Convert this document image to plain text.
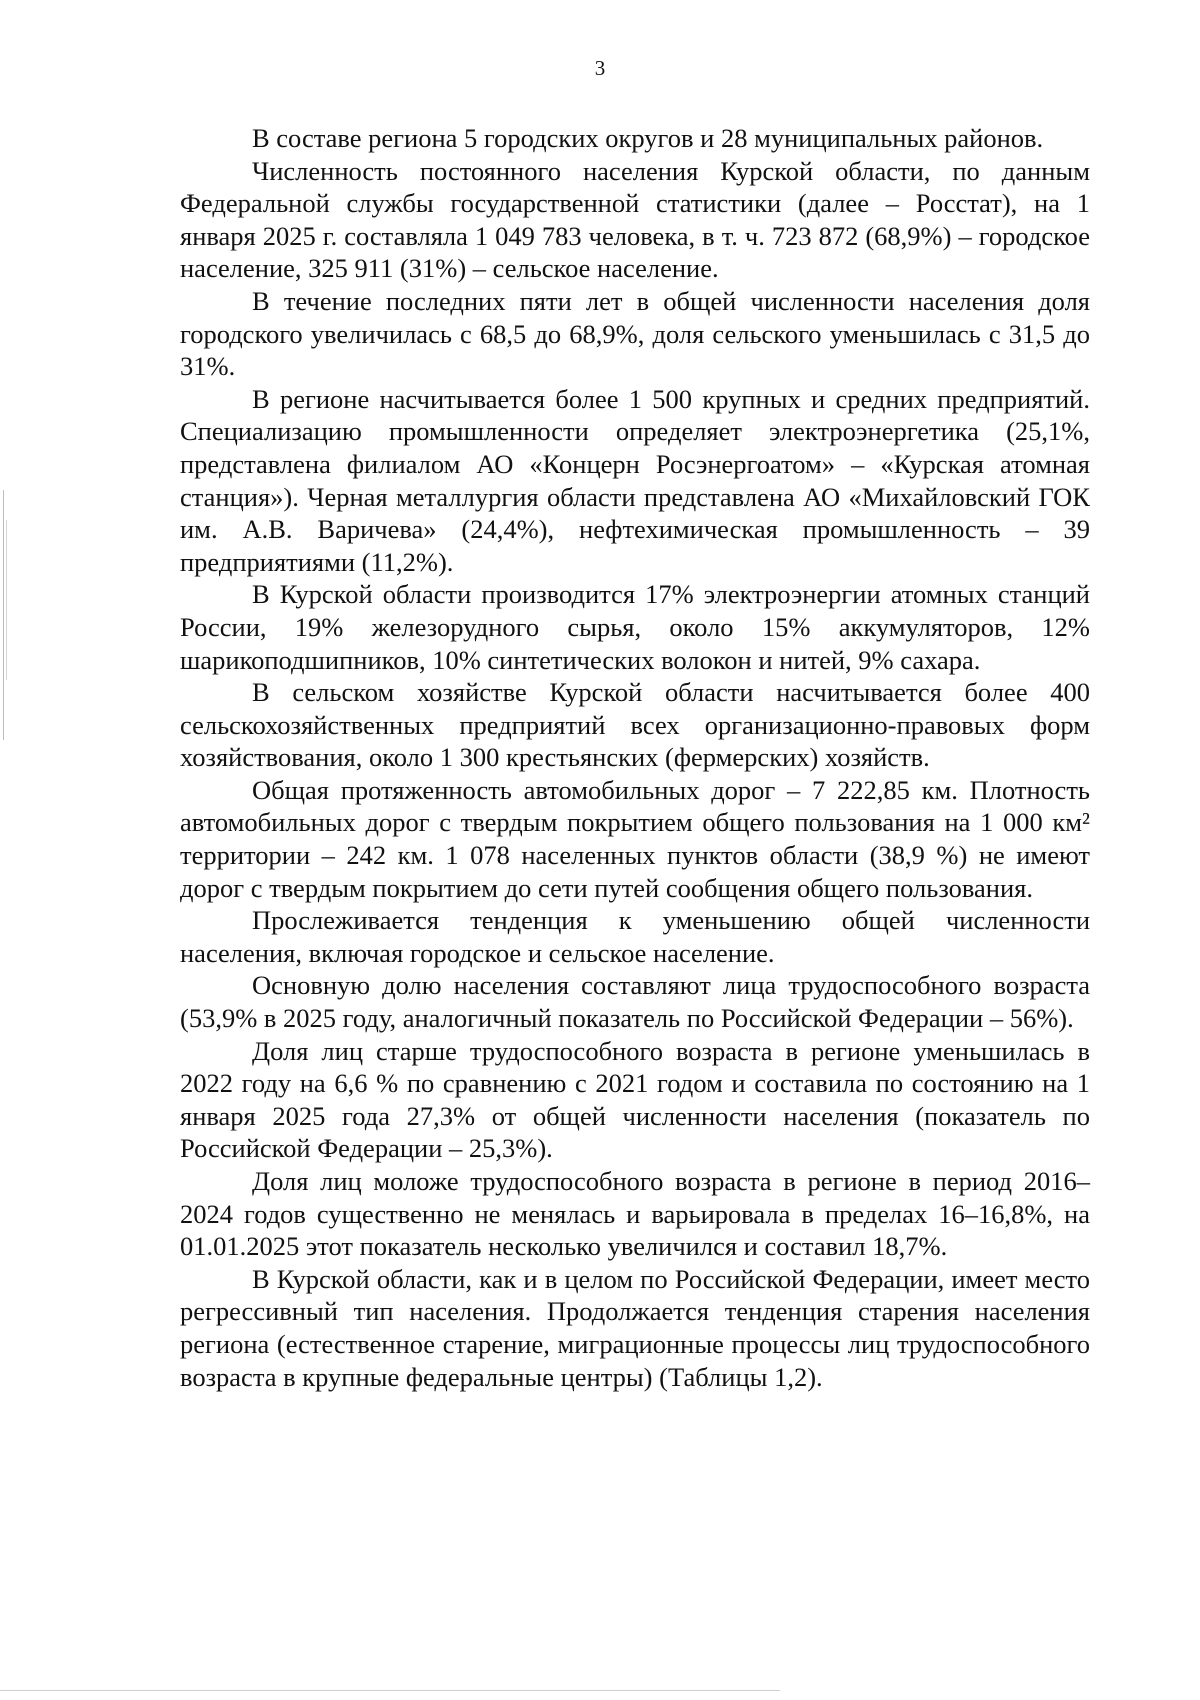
3

В составе региона 5 городских округов и 28 муниципальных районов.

Численность постоянного населения Курской области, по данным Федеральной службы государственной статистики (далее – Росстат), на 1 января 2025 г. составляла 1 049 783 человека, в т. ч. 723 872 (68,9%) – городское население, 325 911 (31%) – сельское население.

В течение последних пяти лет в общей численности населения доля городского увеличилась с 68,5 до 68,9%, доля сельского уменьшилась с 31,5 до 31%.

В регионе насчитывается более 1 500 крупных и средних предприятий. Специализацию промышленности определяет электроэнергетика (25,1%, представлена филиалом АО «Концерн Росэнергоатом» – «Курская атомная станция»). Черная металлургия области представлена АО «Михайловский ГОК им. А.В. Варичева» (24,4%), нефтехимическая промышленность – 39 предприятиями (11,2%).

В Курской области производится 17% электроэнергии атомных станций России, 19% железорудного сырья, около 15% аккумуляторов, 12% шарикоподшипников, 10% синтетических волокон и нитей, 9% сахара.

В сельском хозяйстве Курской области насчитывается более 400 сельскохозяйственных предприятий всех организационно-правовых форм хозяйствования, около 1 300 крестьянских (фермерских) хозяйств.

Общая протяженность автомобильных дорог – 7 222,85 км. Плотность автомобильных дорог с твердым покрытием общего пользования на 1 000 км² территории – 242 км. 1 078 населенных пунктов области (38,9 %) не имеют дорог с твердым покрытием до сети путей сообщения общего пользования.

Прослеживается тенденция к уменьшению общей численности населения, включая городское и сельское население.

Основную долю населения составляют лица трудоспособного возраста (53,9% в 2025 году, аналогичный показатель по Российской Федерации – 56%).

Доля лиц старше трудоспособного возраста в регионе уменьшилась в 2022 году на 6,6 % по сравнению с 2021 годом и составила по состоянию на 1 января 2025 года 27,3% от общей численности населения (показатель по Российской Федерации – 25,3%).

Доля лиц моложе трудоспособного возраста в регионе в период 2016–2024 годов существенно не менялась и варьировала в пределах 16–16,8%, на 01.01.2025 этот показатель несколько увеличился и составил 18,7%.

В Курской области, как и в целом по Российской Федерации, имеет место регрессивный тип населения. Продолжается тенденция старения населения региона (естественное старение, миграционные процессы лиц трудоспособного возраста в крупные федеральные центры) (Таблицы 1,2).
